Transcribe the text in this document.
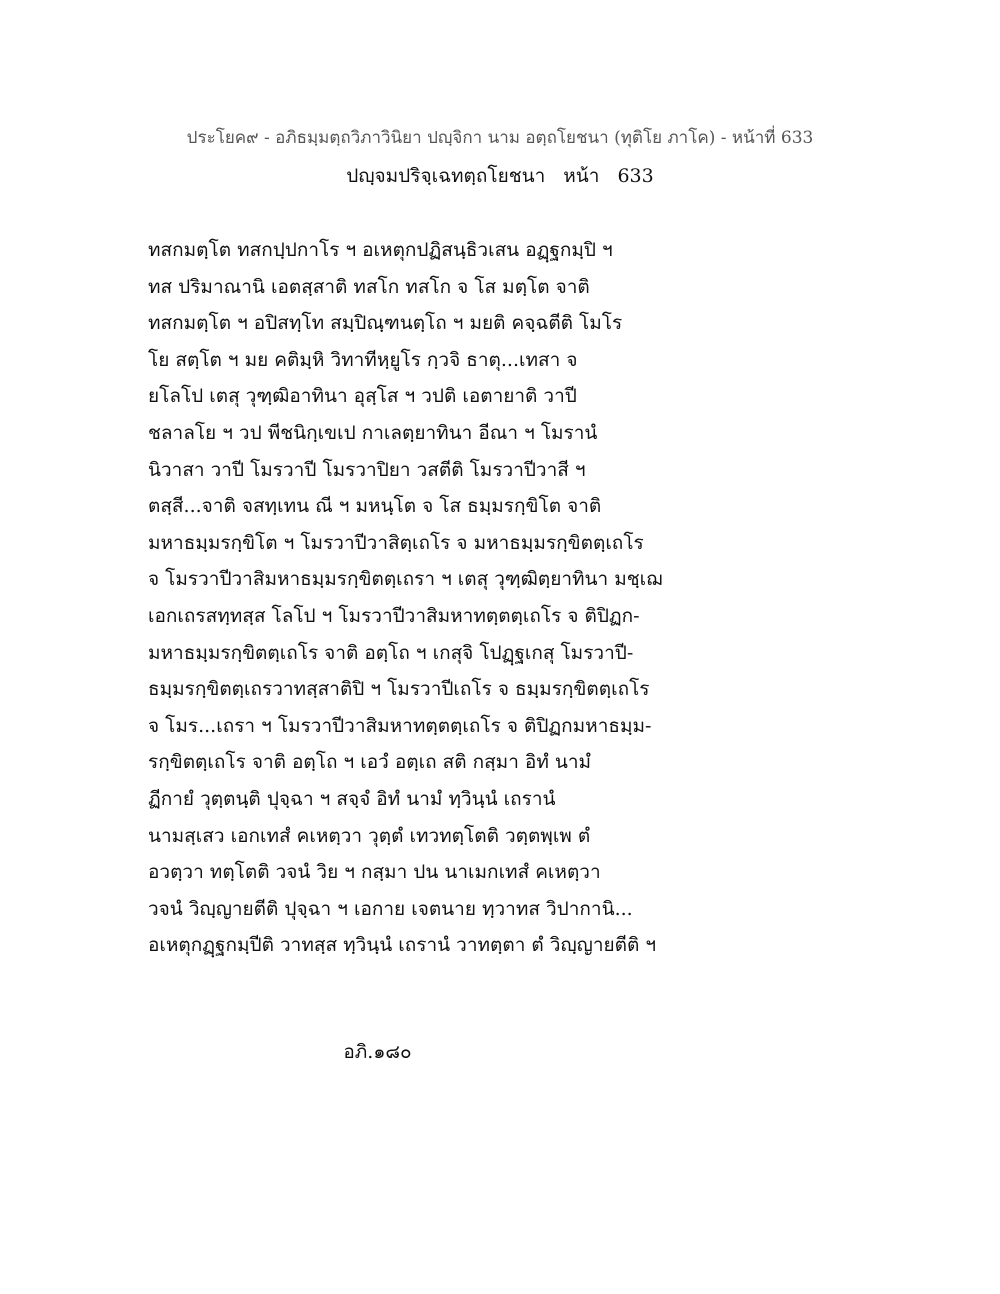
ประโยค๙ - อภิธมฺมตฺถวิภาวินิยา ปญฺจิกา นาม อตฺถโยชนา (ทุติโย ภาโค) - หน้าที่ 633
ปญฺจมปริจฺเฉทตฺถโยชนา หน้า 633
ทสกมตฺโต ทสกปฺปกาโร ฯ อเหตุกปฏิสนฺธิวเสน อฏฺฐกมฺปิ ฯ
ทส ปริมาณานิ เอตสฺสาติ ทสโก ทสโก จ โส มตฺโต จาติ
ทสกมตฺโต ฯ อปิสทฺโท สมฺปิณฺฑนตฺโถ ฯ มยติ คจฺฉตีติ โมโร
โย สตฺโต ฯ มย คติมฺหิ วิทาทีหฺยูโร กฺวจิ ธาตุ...เทสา จ
ยโลโป เตสุ วุฑฺฒิอาทินา อุสฺโส ฯ วปติ เอตายาติ วาปี
ชลาลโย ฯ วป พีชนิกฺเขเป กาเลตฺยาทินา อีณา ฯ โมรานํ
นิวาสา วาปี โมรวาปี โมรวาปิยา วสตีติ โมรวาปีวาสี ฯ
ตสฺสี...จาติ จสทฺเทน ณี ฯ มหนฺโต จ โส ธมฺมรกฺขิโต จาติ
มหาธมฺมรกฺขิโต ฯ โมรวาปีวาสิตฺเถโร จ มหาธมฺมรกฺขิตตฺเถโร
จ โมรวาปีวาสิมหาธมฺมรกฺขิตตฺเถรา ฯ เตสุ วุฑฺฒิตฺยาทินา มชฺเฌ
เอกเถรสทฺทสฺส โลโป ฯ โมรวาปีวาสิมหาทตฺตตฺเถโร จ ติปิฏก-
มหาธมฺมรกฺขิตตฺเถโร จาติ อตฺโถ ฯ เกสุจิ โปฏฺฐเกสุ โมรวาปี-
ธมฺมรกฺขิตตฺเถรวาทสฺสาติปิ ฯ โมรวาปีเถโร จ ธมฺมรกฺขิตตฺเถโร
จ โมร...เถรา ฯ โมรวาปีวาสิมหาทตฺตตฺเถโร จ ติปิฏกมหาธมฺม-
รกฺขิตตฺเถโร จาติ อตฺโถ ฯ เอวํ อตฺเถ สติ กสฺมา อิทํ นามํ
ฏีกายํ วุตฺตนฺติ ปุจฺฉา ฯ สจฺจํ อิทํ นามํ ทฺวินฺนํ เถรานํ
นามสฺเสว เอกเทสํ คเหตฺวา วุตฺตํ เทวทตฺโตติ วตฺตพฺเพ ตํ
อวตฺวา ทตฺโตติ วจนํ วิย ฯ กสฺมา ปน นาเมกเทสํ คเหตฺวา
วจนํ วิญฺญายตีติ ปุจฺฉา ฯ เอกาย เจตนาย ทฺวาทส วิปากานิ...
อเหตุกฏฺฐกมฺปีติ วาทสฺส ทฺวินฺนํ เถรานํ วาทตฺตา ตํ วิญฺญายตีติ ฯ
อภิ.๑๘๐
